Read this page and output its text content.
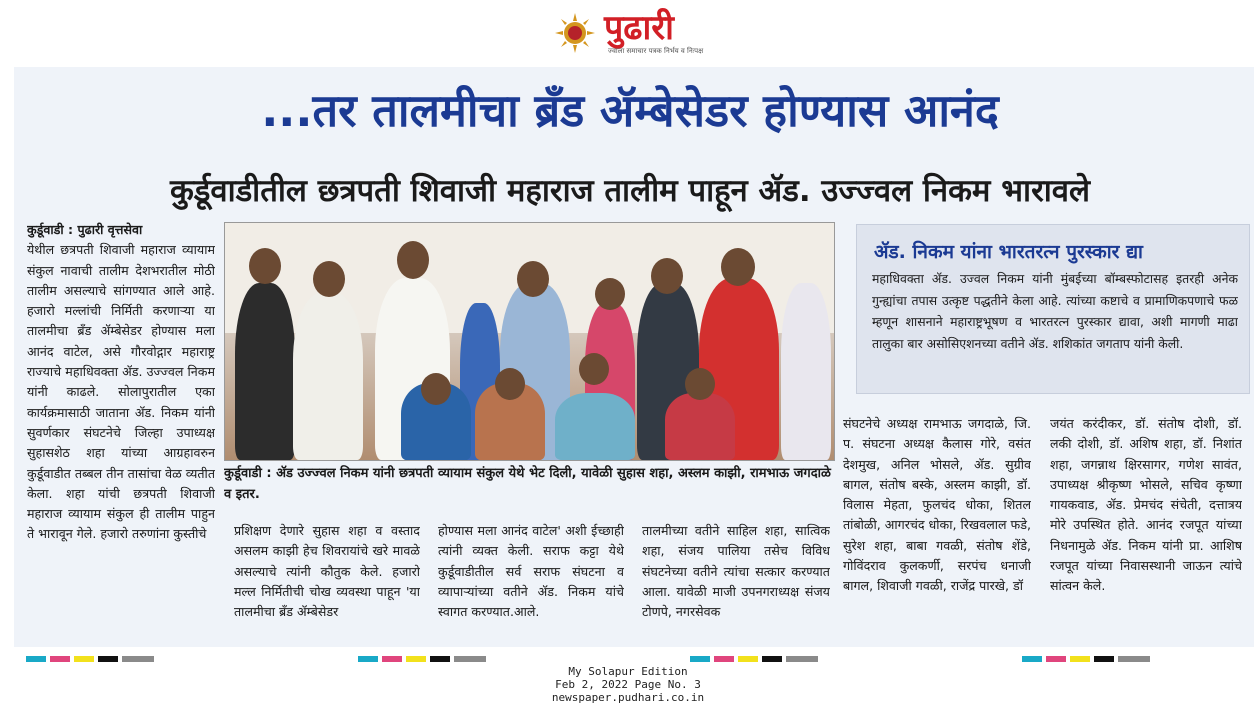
पुढारी
ज्वाला समाचार पत्रक निर्भय व निःपक्ष
...तर तालमीचा ब्रँड ॲम्बेसेडर होण्यास आनंद
कुर्डूवाडीतील छत्रपती शिवाजी महाराज तालीम पाहून ॲड. उज्ज्वल निकम भारावले
कुर्डूवाडी : पुढारी वृत्तसेवा
येथील छत्रपती शिवाजी महाराज व्यायाम संकुल नावाची तालीम देशभरातील मोठी तालीम असल्याचे सांगण्यात आले आहे. हजारो मल्लांची निर्मिती करणाऱ्या या तालमीचा ब्रँड ॲम्बेसेडर होण्यास मला आनंद वाटेल, असे गौरवोद्गार महाराष्ट्र राज्याचे महाधिवक्ता ॲड. उज्ज्वल निकम यांनी काढले. सोलापुरातील एका कार्यक्रमासाठी जाताना ॲड. निकम यांनी सुवर्णकार संघटनेचे जिल्हा उपाध्यक्ष सुहासशेठ शहा यांच्या आग्रहावरुन कुर्डूवाडीत तब्बल तीन तासांचा वेळ व्यतीत केला. शहा यांची छत्रपती शिवाजी महाराज व्यायाम संकुल ही तालीम पाहुन ते भारावून गेले. हजारो तरुणांना कुस्तीचे
कुर्डूवाडी : ॲड उज्ज्वल निकम यांनी छत्रपती व्यायाम संकुल येथे भेट दिली, यावेळी सुहास शहा, अस्लम काझी, रामभाऊ जगदाळे व इतर.
प्रशिक्षण देणारे सुहास शहा व वस्ताद असलम काझी हेच शिवरायांचे खरे मावळे असल्याचे त्यांनी कौतुक केले. हजारो मल्ल निर्मितीची चोख व्यवस्था पाहून 'या तालमीचा ब्रँड ॲम्बेसेडर
होण्यास मला आनंद वाटेल' अशी ईच्छाही त्यांनी व्यक्त केली. सराफ कट्टा येथे कुर्डूवाडीतील सर्व सराफ संघटना व व्यापाऱ्यांच्या वतीने ॲड. निकम यांचे स्वागत करण्यात.आले.
तालमीच्या वतीने साहिल शहा, सात्विक शहा, संजय पालिया तसेच विविध संघटनेच्या वतीने त्यांचा सत्कार करण्यात आला. यावेळी माजी उपनगराध्यक्ष संजय टोणपे, नगरसेवक
संघटनेचे अध्यक्ष रामभाऊ जगदाळे, जि. प. संघटना अध्यक्ष कैलास गोरे, वसंत देशमुख, अनिल भोसले, ॲड. सुग्रीव बागल, संतोष बस्के, अस्लम काझी, डॉ. विलास मेहता, फुलचंद धोका, शितल तांबोळी, आगरचंद धोका, रिखवलाल फडे, सुरेश शहा, बाबा गवळी, संतोष शेंडे, गोविंदराव कुलकर्णी, सरपंच धनाजी बागल, शिवाजी गवळी, राजेंद्र पारखे, डॉ
जयंत करंदीकर, डॉ. संतोष दोशी, डॉ. लकी दोशी, डॉ. अशिष शहा, डॉ. निशांत शहा, जगन्नाथ क्षिरसागर, गणेश सावंत, उपाध्यक्ष श्रीकृष्ण भोसले, सचिव कृष्णा गायकवाड, ॲड. प्रेमचंद संचेती, दत्तात्रय मोरे उपस्थित होते. आनंद रजपूत यांच्या निधनामुळे ॲड. निकम यांनी प्रा. आशिष रजपूत यांच्या निवासस्थानी जाऊन त्यांचे सांत्वन केले.
ॲड. निकम यांना भारतरत्न पुरस्कार द्या
महाधिवक्ता ॲड. उज्वल निकम यांनी मुंबईच्या बॉम्बस्फोटासह इतरही अनेक गुन्ह्यांचा तपास उत्कृष्ट पद्धतीने केला आहे. त्यांच्या कष्टाचे व प्रामाणिकपणाचे फळ म्हणून शासनाने महाराष्ट्रभूषण व भारतरत्न पुरस्कार द्यावा, अशी मागणी माढा तालुका बार असोसिएशनच्या वतीने ॲड. शशिकांत जगताप यांनी केली.
My Solapur Edition
Feb 2, 2022 Page No. 3
newspaper.pudhari.co.in
